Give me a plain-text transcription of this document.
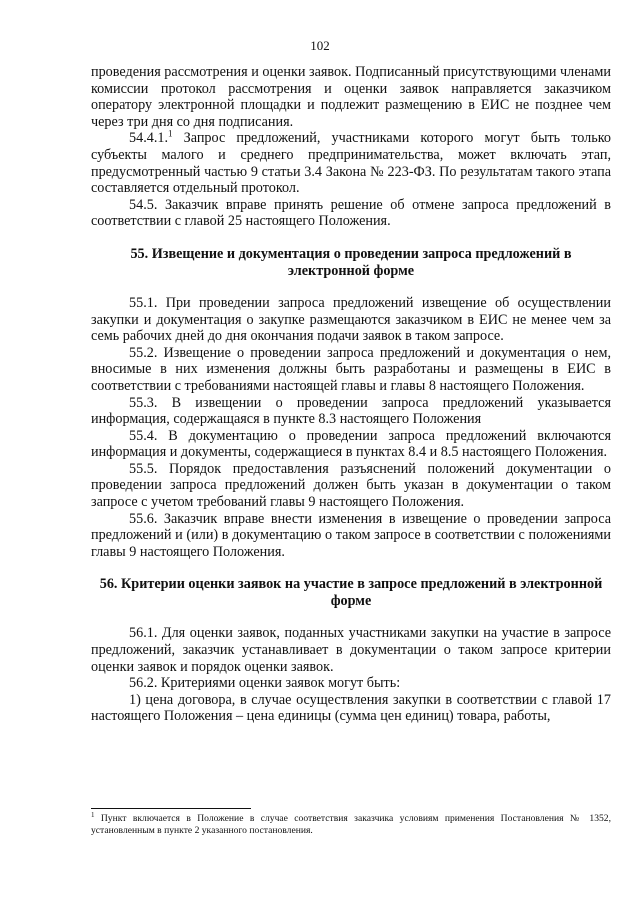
102

проведения рассмотрения и оценки заявок. Подписанный присутствующими членами комиссии протокол рассмотрения и оценки заявок направляется заказчиком оператору электронной площадки и подлежит размещению в ЕИС не позднее чем через три дня со дня подписания.

54.4.1.$^1$ Запрос предложений, участниками которого могут быть только субъекты малого и среднего предпринимательства, может включать этап, предусмотренный частью 9 статьи 3.4 Закона № 223-ФЗ. По результатам такого этапа составляется отдельный протокол.

54.5. Заказчик вправе принять решение об отмене запроса предложений в соответствии с главой 25 настоящего Положения.

55. Извещение и документация о проведении запроса предложений в электронной форме

55.1. При проведении запроса предложений извещение об осуществлении закупки и документация о закупке размещаются заказчиком в ЕИС не менее чем за семь рабочих дней до дня окончания подачи заявок в таком запросе.

55.2. Извещение о проведении запроса предложений и документация о нем, вносимые в них изменения должны быть разработаны и размещены в ЕИС в соответствии с требованиями настоящей главы и главы 8 настоящего Положения.

55.3. В извещении о проведении запроса предложений указывается информация, содержащаяся в пункте 8.3 настоящего Положения

55.4. В документацию о проведении запроса предложений включаются информация и документы, содержащиеся в пунктах 8.4 и 8.5 настоящего Положения.

55.5. Порядок предоставления разъяснений положений документации о проведении запроса предложений должен быть указан в документации о таком запросе с учетом требований главы 9 настоящего Положения.

55.6. Заказчик вправе внести изменения в извещение о проведении запроса предложений и (или) в документацию о таком запросе в соответствии с положениями главы 9 настоящего Положения.

56. Критерии оценки заявок на участие в запросе предложений в электронной форме

56.1. Для оценки заявок, поданных участниками закупки на участие в запросе предложений, заказчик устанавливает в документации о таком запросе критерии оценки заявок и порядок оценки заявок.

56.2. Критериями оценки заявок могут быть:

1) цена договора, в случае осуществления закупки в соответствии с главой 17 настоящего Положения – цена единицы (сумма цен единиц) товара, работы,

$^1$ Пункт включается в Положение в случае соответствия заказчика условиям применения Постановления № 1352, установленным в пункте 2 указанного постановления.
